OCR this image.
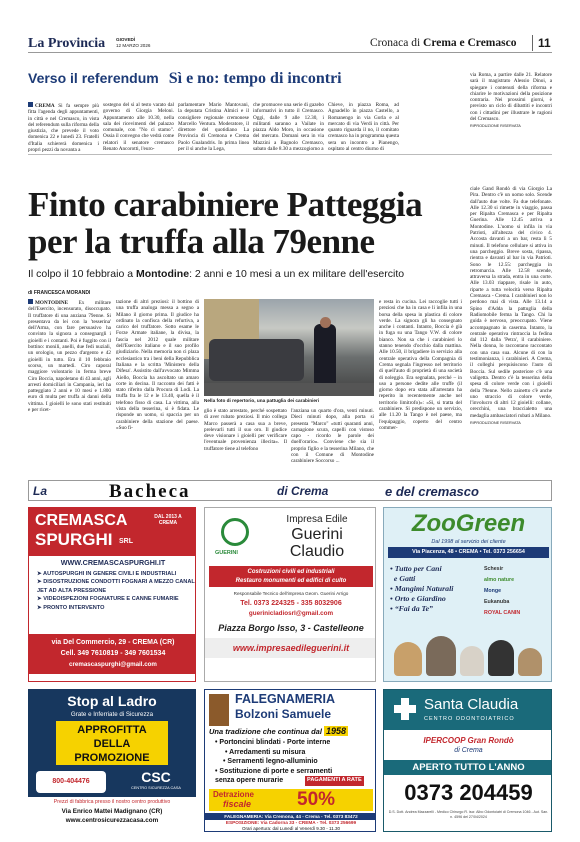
La Provincia GIOVEDÌ
12 MARZO 2026	Cronaca di Crema e Cremasco 11
Verso il referendum Sì e no: tempo di incontri
CREMA Si fa sempre più fitta l'agenda degli appuntamenti, in città e nel Cremasco, in vista del referendum sulla riforma della giustizia, che prevede il voto domenica 22 e lunedì 23. Fratelli d'Italia schiererà domenica i propri pezzi da novanta a
sostegno del sì al testo varato dal governo di Giorgia Meloni. Appuntamento alle 10.30, nella sala dei ricevimenti del palazzo comunale, con "No ci stamo". Ossia il convegno che vedrà come relatori il senatore cremasco Renato Ancorotti, l'euro-
parlamentare Mario Mantovani, la deputata Cristina Almici e il consigliere regionale cremonese Marcello Ventura. Moderatore, il direttore del quotidiano La Provincia di Cremona e Crema Paolo Gualandris. In prima linea per il sì anche la Lega,
che promuove una serie di gazebo informativi in tutto il Cremasco. Oggi, dalle 9 alle 12.30, i militanti saranno a Vailate in piazza Aldo Moro, in occasione del mercato. Domani sera in via Mazzini a Bagnolo Cremasco, sabato dalle 8.30 a mezzogiorno a
Chieve, in piazza Roma, ad Agnadello in piazza Castello, a Romanengo in via Gorla e al mercato di via Verdi in città. Per quanto riguarda il no, il comitato cremasco ha in programma questa sera un incontro a Pianengo, ospitato al centro diurno di
via Roma, a partire dalle 21. Relatore sarà il magistrato Alessio Dinoi, a spiegare i contenuti della riforma e chiarire le motivazioni della posizione contraria. Nei prossimi giorni, è previsto un ciclo di dibattiti e incontri con i cittadini per illustrare le ragioni del Cremasco.
RIPRODUZIONE RISERVATA
Finto carabiniere Patteggia
per la truffa alla 79enne
Il colpo il 10 febbraio a Montodine: 2 anni e 10 mesi a un ex militare dell'esercito
di FRANCESCA MORANDI
MONTODINE Ex militare dell'Esercito, incensurato, disoccupato. Il truffatore di una anziana 79enne. Si presentava da lei con la 'tesserina' dell'Arma, con fare persuasivo ha convinto la signora a consegnargli i gioielli e i contanti. Poi è fuggito con il bottino: monili, anelli, due fedi nuziali, un orologio, un pezzo d'argento e 42 gioielli in tutto. Era il 10 febbraio scorso, un martedì. Ciro caporal maggiore volontario in ferma breve Ciro Boccia, napoletano di 43 anni, agli arresti domiciliari in Campania, ieri ha patteggiato 2 anni e 10 mesi e 1.800 euro di multa per truffa ai danni della vittima. I gioielli le sono stati restituiti e per ricet-
tazione di altri preziosi: il bottino di una truffa analoga messa a segno a Milano il giorno prima. Il giudice ha ordinato la confisca della refurtiva, a carico del truffatore. Sotto esame le Forze Armate italiane, la divisa, la fascia nel 2012 quale militare dell'Esercito italiano e il suo profilo giudiziario. Nella memoria non ci plaza ecclesiastico tra i beni della Repubblica Italiana e la scritta 'Ministero della Difesa'. Assistito dall'avvocato Mimma Aiello, Boccia ha ascoltato un amaro corte in decina. Il racconto dei fatti è stato riferito dalla Procura di Lodi. La truffa fra le 12 e le 13.40, quella è il telefono fisso di casa. La vittima, alla vista della tesserina, si è fidata. Le risponde un uomo, si spaccia per un carabiniere della stazione del paese. «Suo fi-
Nella foto di repertorio, una pattuglia dei carabinieri
glio è stato arrestato, perché sospettato di aver rubato preziosi. Il mio collega Marco passerà a casa sua a breve, prelevarli tutti il suo oro. Il giudice deve visionare i gioielli per verificare l'eventuale provenienza illecita». Il truffatore tiene al telefono
l'anziana un quarto d'ora, venti minuti. Dieci minuti dopo, alla porta si presenta "Marco" «tutti quaranti anni, carnagione scura, capelli con vistoso capo - ricordo le parole dei duell'orario». Conviene che sia il proprio figlio e la tesserina Milano, che con il Comune di Montodine carabiniere Soccorso ...
e resta in cucina. Lei raccoglie tutti i preziosi che ha in casa e li infila in una borsa della spesa in plastica di colore verde. La signora gli ha consegnato anche i contanti. Intanto, Boccia è già in fuga su una Tango V.W. di colore bianco. Non sa che i carabinieri lo stanno tenendo d'occhio dalla mattina. Alle 10.50, il brigadiere in servizio alla centrale operativa della Compagnia di Crema segnala l'ingresso nel territorio di quell'auto di proprietà di una società di noleggio. Era segnalata, perché – in uso a persone dedite alle truffe (il giorno dopo era stata all'arrestato ha reperito in recentemente anche nel territorio limitrofo)»: «Sì, si tratta del carabiniere. Si predispone un servizio, alle 11.20 la Tango è nel paese, ma l'equipaggio, coperto del centro commer-
ciale Gand Rondò di via Giorgio La Pira. Dentro c'è un uomo solo. Scende dall'auto due volte. Fa due telefonate. Alle 12.30 si rimette in viaggio, passa per Ripalta Cremasca e per Ripalta Guerina. Alle 12.45 arriva a Montodine. L'uomo si infila in via Patrioti, all'altezza del civico 4. Accosta davanti a un bar, resta lì 5 minuti. Il telefono cellulare si attiva in una parcheggio. Breve sosta, ripassa, rientra e davanti al bar in via Patrioti. Sono le 12.55: parcheggia in retromarcia. Alle 12.58 scende, attraversa la strada, entra in una corte. Alle 13.03 riappare, risale in auto, riparte a tutta velocità verso Ripalta Cremasca - Crema. I carabinieri non lo perdono mai di vista. Alle 13.14 a Spino d'Adda la pattuglia della Radiomobile ferma la Tango. Chi la guida è nervoso, preoccupato. Viene accompagnato in caserma. Intanto, la centrale operativa rintraccia la fedina dal 112 dalla 'Petra', il carabiniere. Nella donna, lo raccontano raccontato con una casa sua. Alcune di con la testimonianza, i carabinieri. A Crema, il colleghi perquisiscono l'auto di Boccia. Sul sedile posteriore c'è una valigetta. Dentro c'è la tesserina della spesa di colore verde con i gioielli della 79enne. Nello zainetto c'è anche uno straccio di colore verde, l'involucro di altri 12 gioielli: collane, orecchini, una braccialetto una medaglia ambasciatori rubati a Milano.
RIPRODUZIONE RISERVATA
La	Bacheca	di Crema	e del cremasco
CREMASCA
SPURGHI SRL
DAL 2013 A CREMA
WWW.CREMASCASPURGHI.IT
➤ AUTOSPURGHI IN GENERE CIVILI E INDUSTRIALI
➤ DISOSTRUZIONE CONDOTTI FOGNARI A MEZZO CANAL JET AD ALTA PRESSIONE
➤ VIDEOISPEZIONI FOGNATURE E CANNE FUMARIE
➤ PRONTO INTERVENTO
via Del Commercio, 29 - CREMA (CR)
Cell. 349 7610819 - 349 7601534
cremascaspurghi@gmail.com
GUERINI
Impresa Edile
Guerini
Claudio
Costruzioni civili ed industriali
Restauro monumenti ed edifici di culto
Responsabile Tecnico dell'impresa Geom. Guerini Arrigo
Tel. 0373 224325 - 335 8032906
guerinicladiosrl@gmail.com
Piazza Borgo Isso, 3 - Castelleone
www.impresaedileguerini.it
ZooGreen
Dal 1998 al servizio dei cliente
Via Piacenza, 48 • CREMA • Tel. 0373 256654
• Tutto per Cani
e Gatti
• Mangimi Naturali
• Orto e Giardino
• “Fai da Te”
Schesir
almo nature
Monge
Eukanuba
ROYAL CANIN
Stop al Ladro
Grate e Inferriate di Sicurezza
APPROFITTA
DELLA
PROMOZIONE
800-404476	CSC
CENTRO SICUREZZA CASA
Prezzi di fabbrica presso il nostro centro produttivo
Via Enrico Mattei Madignano (CR)
www.centrosicurezzacasa.com
FALEGNAMERIA
Bolzoni Samuele
Una tradizione che continua dal 1958
• Portoncini blindati - Porte interne
• Arredamenti su misura
• Serramenti legno-alluminio
• Sostituzione di porte e serramenti
senza opere murarie	PAGAMENTI A RATE
Detrazione
fiscale 50%
FALEGNAMERIA: Via Cremona, 44 - Crema - Tel. 0373 83472
ESPOSIZIONE: Via Cadorna 33 - CREMA - Tel. 0373 256699
Orari apertura: dal Lunedì al Venerdì 9.30 - 11.30
Santa Claudia
CENTRO ODONTOIATRICO
IPERCOOP Gran Rondò
di Crema
APERTO TUTTO L'ANNO
0373 204459
D.S. Dott. Andrea Mazzarelli - Medico Chirurgo R. iscr. Albo Odontoiatri di Cremona 1046 - Aut. San. n. 4596 del 27/04/2024
